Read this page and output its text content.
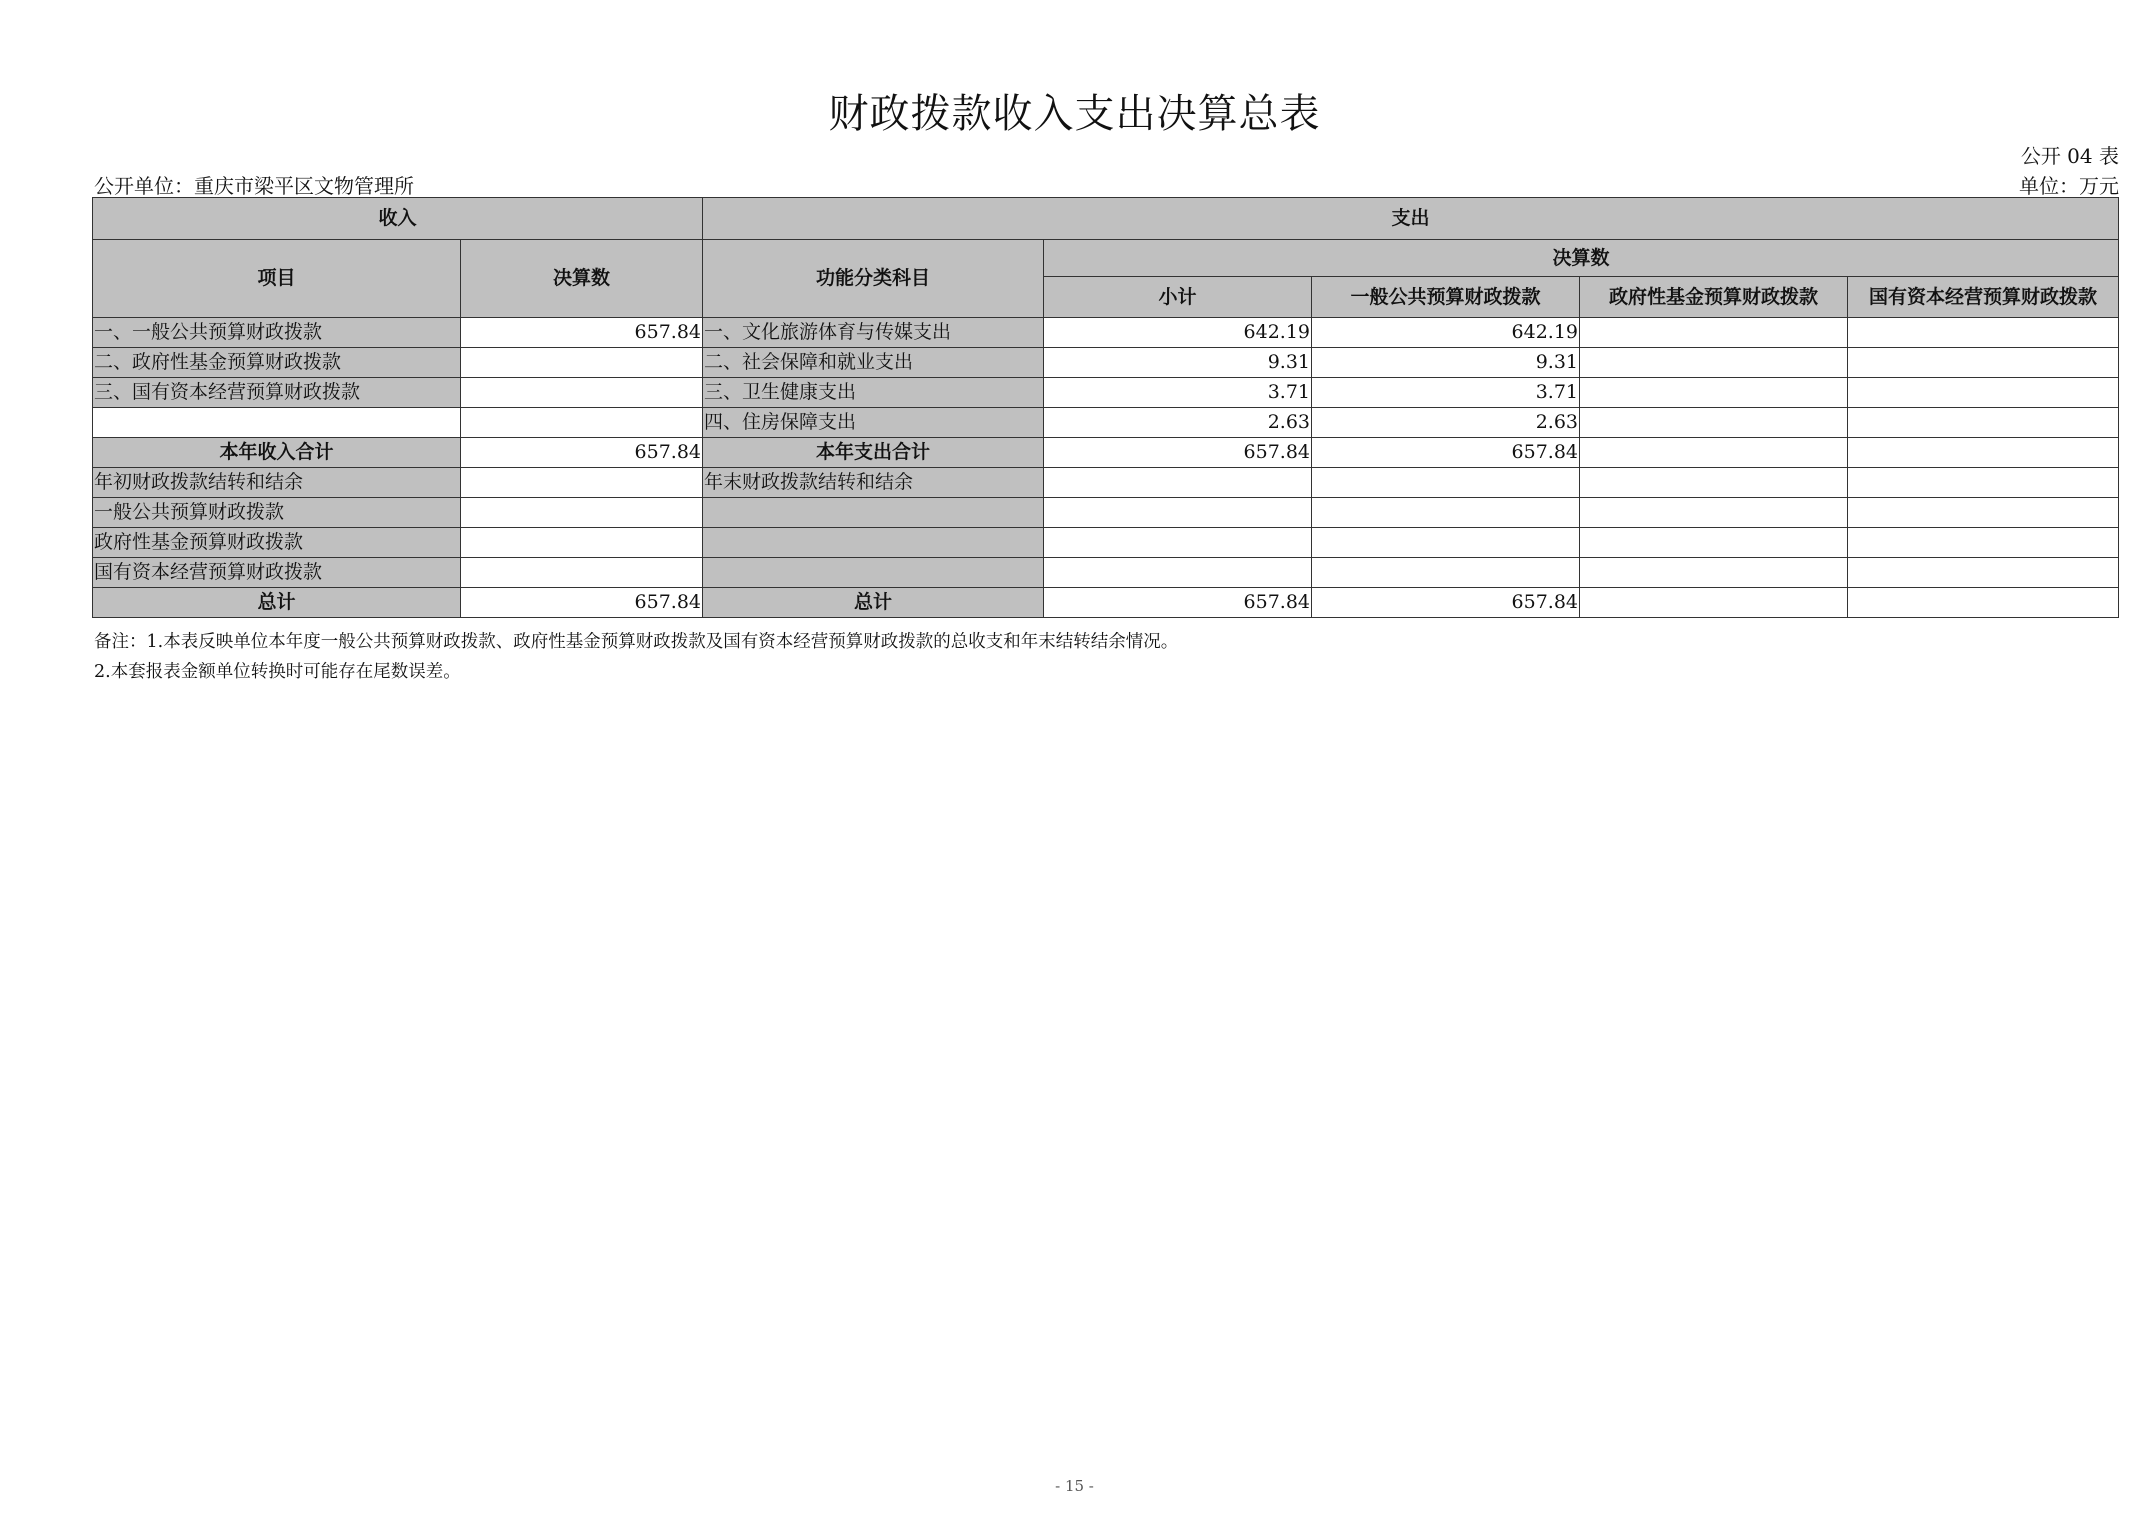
财政拨款收入支出决算总表
公开 04 表
公开单位：重庆市梁平区文物管理所	单位：万元
收入		支出				
项目	决算数	功能分类科目	决算数			
			小计	一般公共预算财政拨款	政府性基金预算财政拨款	国有资本经营预算财政拨款
一、一般公共预算财政拨款	657.84	一、文化旅游体育与传媒支出	642.19	642.19		
二、政府性基金预算财政拨款		二、社会保障和就业支出	9.31	9.31		
三、国有资本经营预算财政拨款		三、卫生健康支出	3.71	3.71		
		四、住房保障支出	2.63	2.63		
本年收入合计	657.84	本年支出合计	657.84	657.84		
年初财政拨款结转和结余		年末财政拨款结转和结余				
一般公共预算财政拨款						
政府性基金预算财政拨款						
国有资本经营预算财政拨款						
总计	657.84	总计	657.84	657.84		
备注：1.本表反映单位本年度一般公共预算财政拨款、政府性基金预算财政拨款及国有资本经营预算财政拨款的总收支和年末结转结余情况。
2.本套报表金额单位转换时可能存在尾数误差。
- 15 -
